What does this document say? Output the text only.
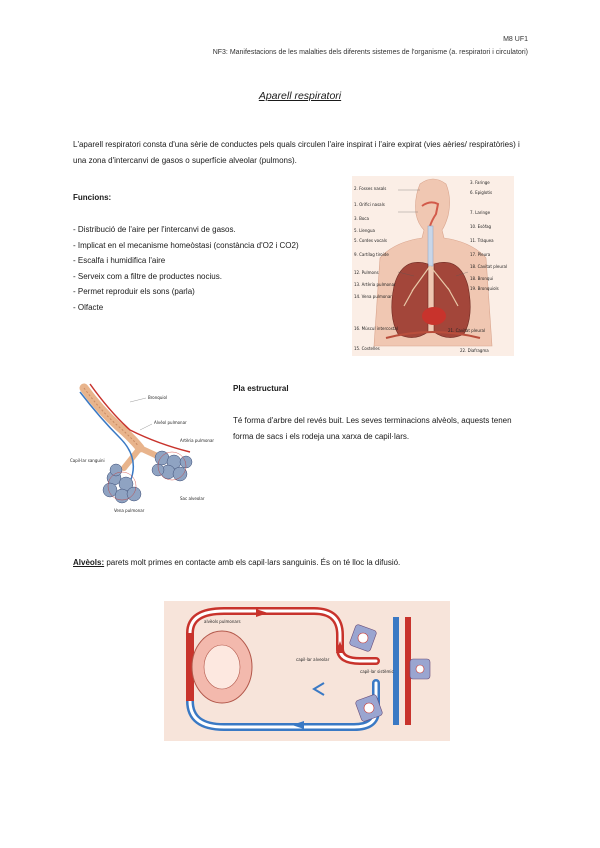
M8 UF1
NF3: Manifestacions de les malalties dels diferents sistemes de l'organisme (a. respiratori i circulatori)
Aparell respiratori
L'aparell respiratori consta d'una sèrie de conductes pels quals circulen l'aire inspirat i l'aire expirat (vies aèries/ respiratòries) i una zona d'intercanvi de gasos o superfície alveolar (pulmons).
Funcions:
- Distribució de l'aire per l'intercanvi de gasos.
- Implicat en el mecanisme homeòstasi (constància d'O2 i CO2)
- Escalfa i humidifica l'aire
- Serveix com a filtre de productes nocius.
- Permet reproduir els sons (parla)
- Olfacte
2. Fosses nasals
1. Orifici nasals
3. Boca
5. Llengua
5. Cordes vocals
9. Cartílag tiroide
12. Pulmons
13. Artèria pulmonar
14. Vena pulmonar
16. Múscul intercostal
15. Costelles
3. Faringe
6. Epiglotis
7. Laringe
10. Esòfag
11. Tràquea
17. Pleura
18. Cavitat pleural
18. Bronqui
19. Bronquiols
21. Cavitat pleural
22. Diafragma
Bronquiol
Alvèol pulmonar
Capil·lar sanguini
Sac alveolar
Vena pulmonar
Artèria pulmonar
Pla estructural
Té forma d'arbre del revés buit. Les seves terminacions alvèols, aquests tenen forma de sacs i els rodeja una xarxa de capil·lars.
Alvèols: parets molt primes en contacte amb els capil·lars sanguinis. És on té lloc la difusió.
alvèols pulmonars
capil·lar alveolar
capil·lar sistèmic
